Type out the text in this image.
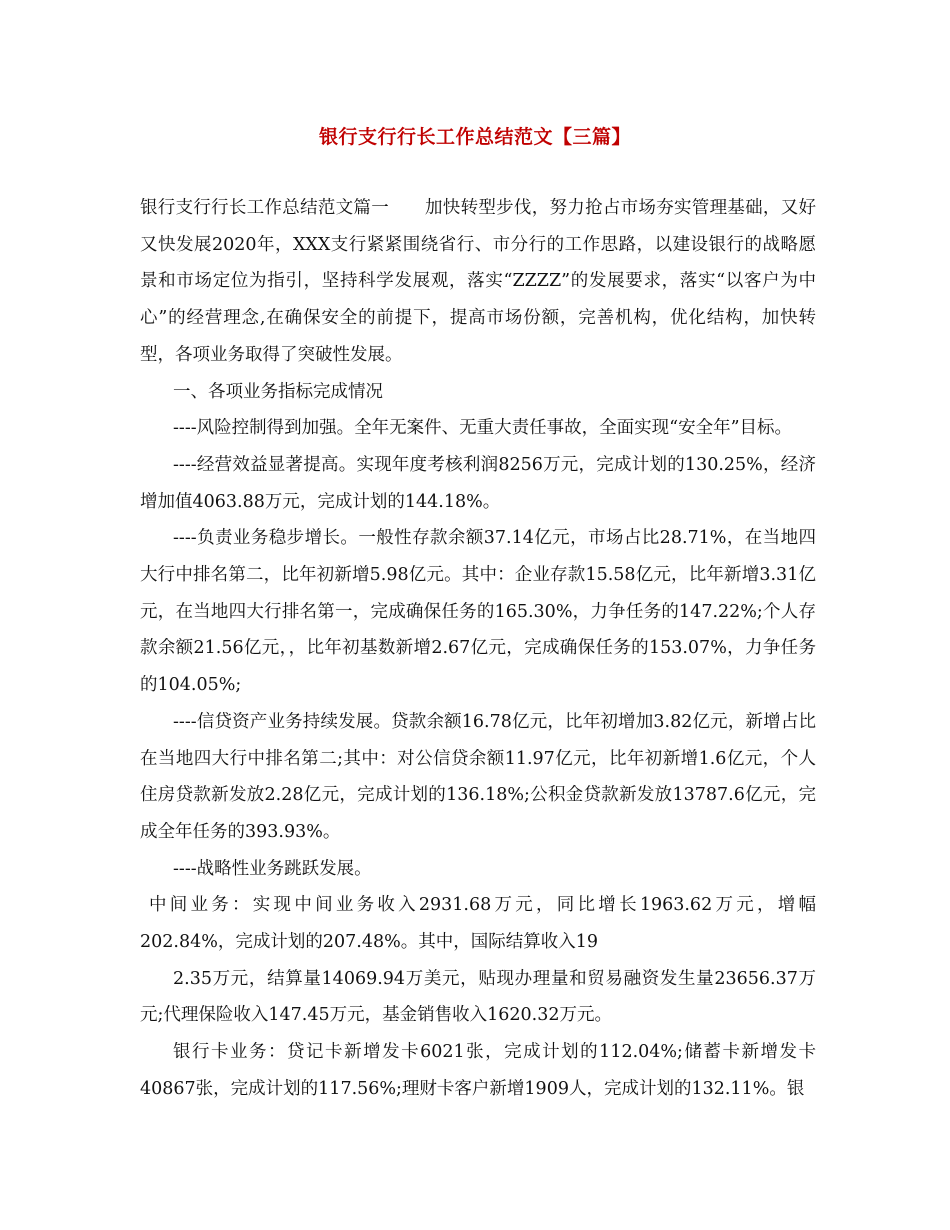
银行支行行长工作总结范文【三篇】

银行支行行长工作总结范文篇一 加快转型步伐，努力抢占市场夯实管理基础，又好又快发展2020年，XXX支行紧紧围绕省行、市分行的工作思路，以建设银行的战略愿景和市场定位为指引，坚持科学发展观，落实“ZZZZ”的发展要求，落实“以客户为中心”的经营理念,在确保安全的前提下，提高市场份额，完善机构，优化结构，加快转型，各项业务取得了突破性发展。

一、各项业务指标完成情况

----风险控制得到加强。全年无案件、无重大责任事故，全面实现“安全年”目标。

----经营效益显著提高。实现年度考核利润8256万元，完成计划的130.25%，经济增加值4063.88万元，完成计划的144.18%。

----负责业务稳步增长。一般性存款余额37.14亿元，市场占比28.71%，在当地四大行中排名第二，比年初新增5.98亿元。其中：企业存款15.58亿元，比年新增3.31亿元，在当地四大行排名第一，完成确保任务的165.30%，力争任务的147.22%;个人存款余额21.56亿元，，比年初基数新增2.67亿元，完成确保任务的153.07%，力争任务的104.05%;

----信贷资产业务持续发展。贷款余额16.78亿元，比年初增加3.82亿元，新增占比在当地四大行中排名第二;其中：对公信贷余额11.97亿元，比年初新增1.6亿元，个人住房贷款新发放2.28亿元，完成计划的136.18%;公积金贷款新发放13787.6亿元，完成全年任务的393.93%。

----战略性业务跳跃发展。

中间业务：实现中间业务收入2931.68万元，同比增长1963.62万元，增幅202.84%，完成计划的207.48%。其中，国际结算收入19

2.35万元，结算量14069.94万美元，贴现办理量和贸易融资发生量23656.37万元;代理保险收入147.45万元，基金销售收入1620.32万元。

银行卡业务：贷记卡新增发卡6021张，完成计划的112.04%;储蓄卡新增发卡40867张，完成计划的117.56%;理财卡客户新增1909人，完成计划的132.11%。银
